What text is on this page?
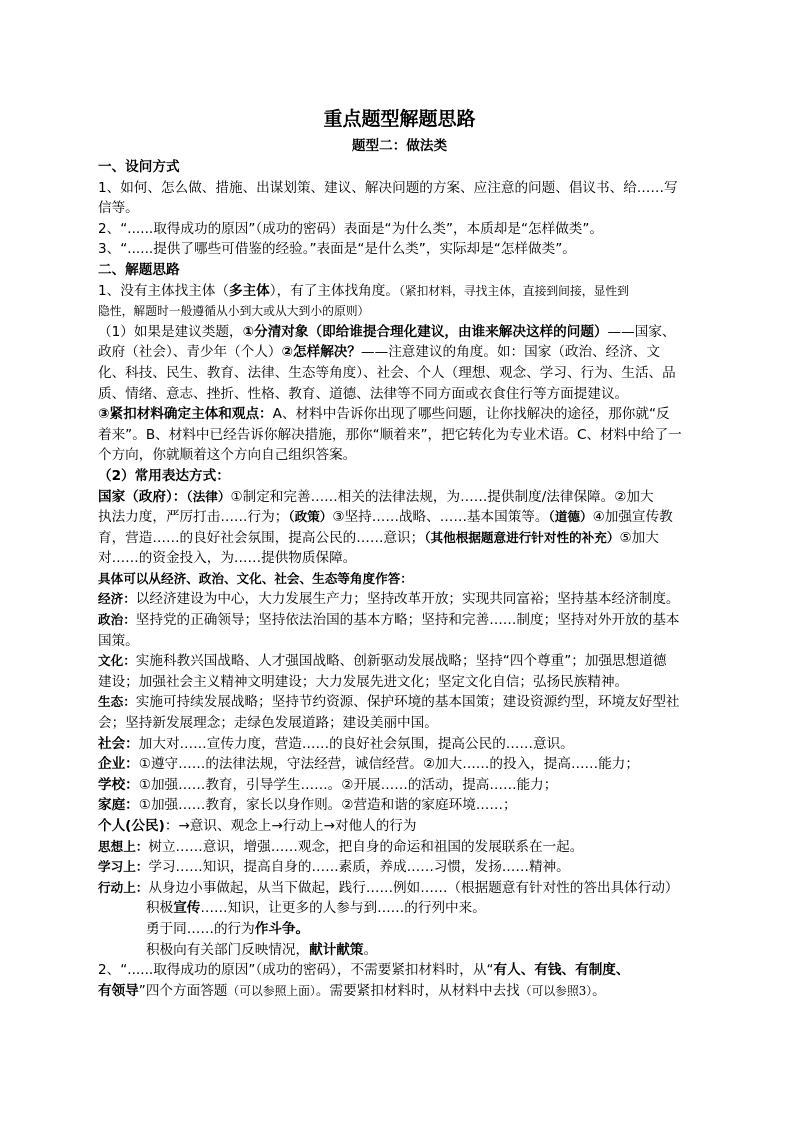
重点题型解题思路
题型二：做法类
一、设问方式
1、如何、怎么做、措施、出谋划策、建议、解决问题的方案、应注意的问题、倡议书、给……写
信等。
2、“......取得成功的原因”（成功的密码）表面是“为什么类”，本质却是“怎样做类”。
3、“......提供了哪些可借鉴的经验。”表面是“是什么类”，实际却是“怎样做类”。
二、解题思路
1、没有主体找主体（多主体），有了主体找角度。（紧扣材料，寻找主体，直接到间接，显性到
隐性，解题时一般遵循从小到大或从大到小的原则）
（1）如果是建议类题，①分清对象（即给谁提合理化建议，由谁来解决这样的问题）——国家、
政府（社会）、青少年（个人）②怎样解决？——注意建议的角度。如：国家（政治、经济、文
化、科技、民生、教育、法律、生态等角度）、社会、个人（理想、观念、学习、行为、生活、品
质、情绪、意志、挫折、性格、教育、道德、法律等不同方面或衣食住行等方面提建议。
③紧扣材料确定主体和观点：A、材料中告诉你出现了哪些问题，让你找解决的途径，那你就“反
着来”。B、材料中已经告诉你解决措施，那你“顺着来”，把它转化为专业术语。C、材料中给了一
个方向，你就顺着这个方向自己组织答案。
（2）常用表达方式：
国家（政府）：（法律）①制定和完善……相关的法律法规，为……提供制度/法律保障。②加大
执法力度，严厉打击……行为；（政策）③坚持……战略、……基本国策等。（道德）④加强宣传教
育，营造……的良好社会氛围，提高公民的……意识；（其他根据题意进行针对性的补充）⑤加大
对……的资金投入，为……提供物质保障。
具体可以从经济、政治、文化、社会、生态等角度作答：
经济：以经济建设为中心，大力发展生产力；坚持改革开放；实现共同富裕；坚持基本经济制度。
政治：坚持党的正确领导；坚持依法治国的基本方略；坚持和完善……制度；坚持对外开放的基本
国策。
文化：实施科教兴国战略、人才强国战略、创新驱动发展战略；坚持“四个尊重”；加强思想道德
建设；加强社会主义精神文明建设；大力发展先进文化；坚定文化自信；弘扬民族精神。
生态：实施可持续发展战略；坚持节约资源、保护环境的基本国策；建设资源约型，环境友好型社
会；坚持新发展理念；走绿色发展道路；建设美丽中国。
社会：加大对……宣传力度，营造……的良好社会氛围，提高公民的……意识。
企业：①遵守……的法律法规，守法经营，诚信经营。②加大……的投入，提高……能力；
学校：①加强……教育，引导学生……。②开展……的活动，提高……能力；
家庭：①加强……教育，家长以身作则。②营造和谐的家庭环境……；
个人(公民)：→意识、观念上→行动上→对他人的行为
思想上：树立……意识，增强……观念，把自身的命运和祖国的发展联系在一起。
学习上：学习……知识，提高自身的……素质，养成……习惯，发扬……精神。
行动上：从身边小事做起，从当下做起，践行……例如……（根据题意有针对性的答出具体行动）
积极宣传……知识，让更多的人参与到……的行列中来。
勇于同……的行为作斗争。
积极向有关部门反映情况，献计献策。
2、“......取得成功的原因”（成功的密码），不需要紧扣材料时，从“有人、有钱、有制度、
有领导”四个方面答题（可以参照上面）。需要紧扣材料时，从材料中去找（可以参照3）。
